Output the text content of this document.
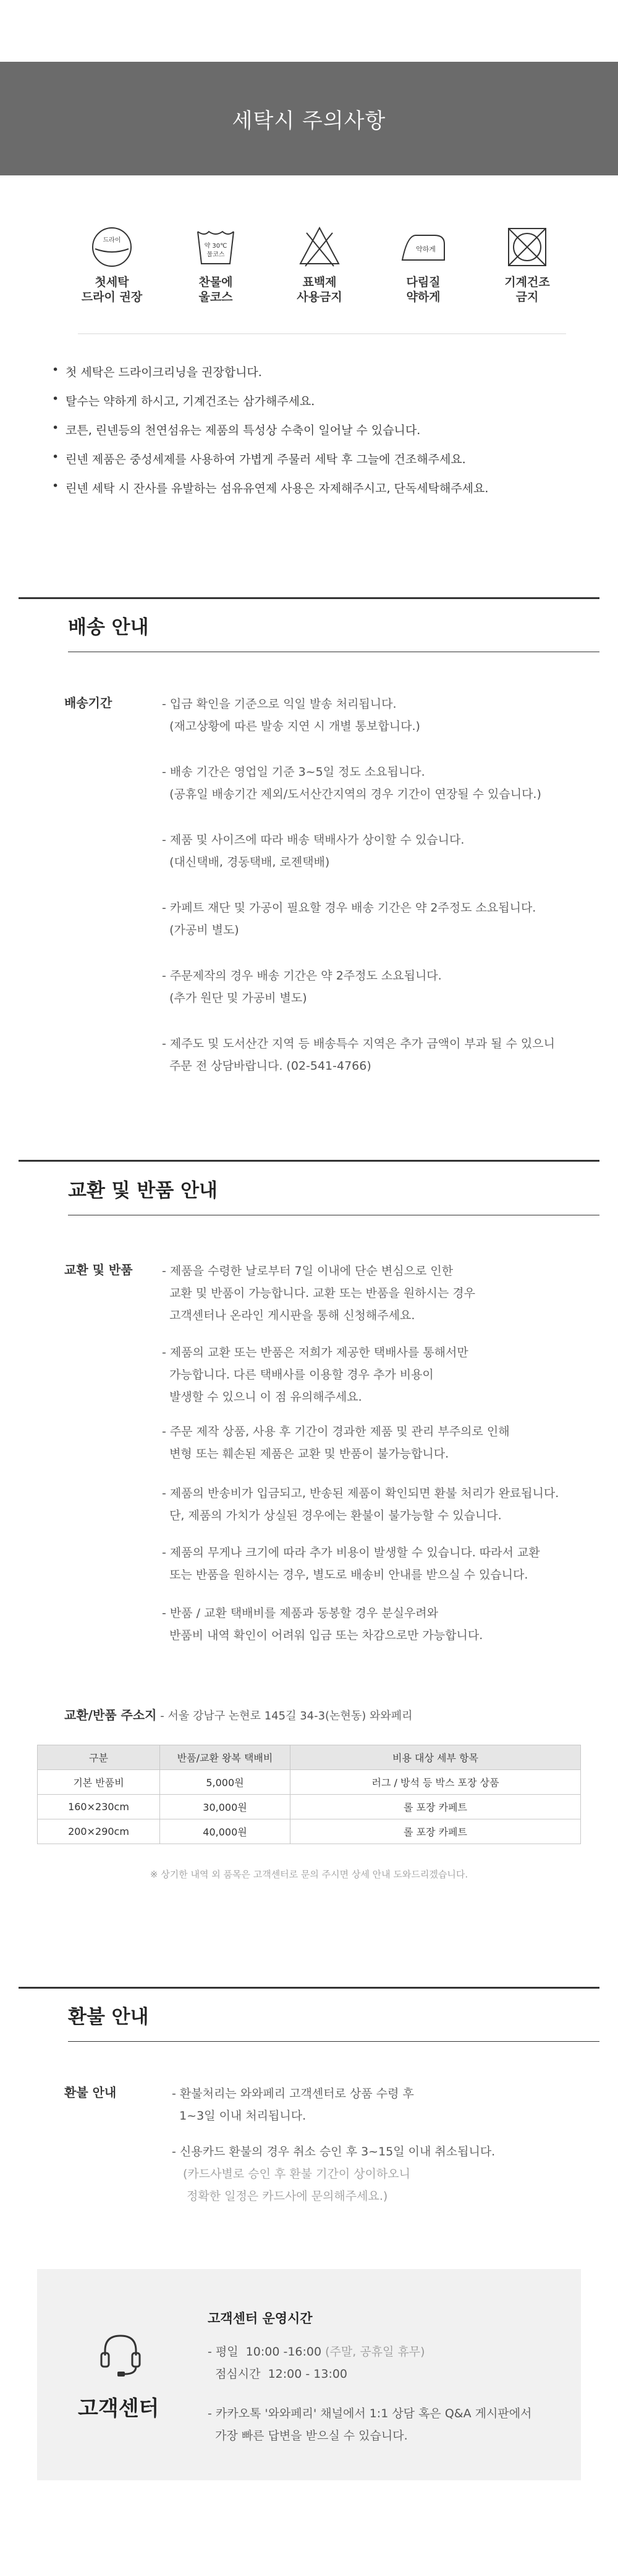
세탁시 주의사항
드라이
첫세탁
드라이 권장
약 30℃
물코스
찬물에
울코스
표백제
사용금지
약하게
다림질
약하게
기계건조
금지
• 첫 세탁은 드라이크리닝을 권장합니다.
• 탈수는 약하게 하시고, 기계건조는 삼가해주세요.
• 코튼, 린넨등의 천연섬유는 제품의 특성상 수축이 일어날 수 있습니다.
• 린넨 제품은 중성세제를 사용하여 가볍게 주물러 세탁 후 그늘에 건조해주세요.
• 린넨 세탁 시 잔사를 유발하는 섬유유연제 사용은 자제해주시고, 단독세탁해주세요.
배송 안내
배송기간	- 입금 확인을 기준으로 익일 발송 처리됩니다.
(재고상황에 따른 발송 지연 시 개별 통보합니다.)
- 배송 기간은 영업일 기준 3~5일 정도 소요됩니다.
(공휴일 배송기간 제외/도서산간지역의 경우 기간이 연장될 수 있습니다.)
- 제품 및 사이즈에 따라 배송 택배사가 상이할 수 있습니다.
(대신택배, 경동택배, 로젠택배)
- 카페트 재단 및 가공이 필요할 경우 배송 기간은 약 2주정도 소요됩니다.
(가공비 별도)
- 주문제작의 경우 배송 기간은 약 2주정도 소요됩니다.
(추가 원단 및 가공비 별도)
- 제주도 및 도서산간 지역 등 배송특수 지역은 추가 금액이 부과 될 수 있으니
주문 전 상담바랍니다. (02-541-4766)
교환 및 반품 안내
교환 및 반품 - 제품을 수령한 날로부터 7일 이내에 단순 변심으로 인한
교환 및 반품이 가능합니다. 교환 또는 반품을 원하시는 경우
고객센터나 온라인 게시판을 통해 신청해주세요.
- 제품의 교환 또는 반품은 저희가 제공한 택배사를 통해서만
가능합니다. 다른 택배사를 이용할 경우 추가 비용이
발생할 수 있으니 이 점 유의해주세요.
- 주문 제작 상품, 사용 후 기간이 경과한 제품 및 관리 부주의로 인해
변형 또는 훼손된 제품은 교환 및 반품이 불가능합니다.
- 제품의 반송비가 입금되고, 반송된 제품이 확인되면 환불 처리가 완료됩니다.
단, 제품의 가치가 상실된 경우에는 환불이 불가능할 수 있습니다.
- 제품의 무게나 크기에 따라 추가 비용이 발생할 수 있습니다. 따라서 교환
또는 반품을 원하시는 경우, 별도로 배송비 안내를 받으실 수 있습니다.
- 반품 / 교환 택배비를 제품과 동봉할 경우 분실우려와
반품비 내역 확인이 어려워 입금 또는 차감으로만 가능합니다.
교환/반품 주소지 - 서울 강남구 논현로 145길 34-3(논현동) 와와페리
구분	반품/교환 왕복 택배비	비용 대상 세부 항목
기본 반품비	5,000원	러그 / 방석 등 박스 포장 상품
160×230cm	30,000원	롤 포장 카페트
200×290cm	40,000원	롤 포장 카페트
※ 상기한 내역 외 품목은 고객센터로 문의 주시면 상세 안내 도와드리겠습니다.
환불 안내
환불 안내	- 환불처리는 와와페리 고객센터로 상품 수령 후
1~3일 이내 처리됩니다.
- 신용카드 환불의 경우 취소 승인 후 3~15일 이내 취소됩니다.
(카드사별로 승인 후 환불 기간이 상이하오니
정확한 일정은 카드사에 문의해주세요.)
고객센터
고객센터 운영시간
- 평일  10:00 -16:00 (주말, 공휴일 휴무)
점심시간  12:00 - 13:00
- 카카오톡 '와와페리' 채널에서 1:1 상담 혹은 Q&A 게시판에서
가장 빠른 답변을 받으실 수 있습니다.
